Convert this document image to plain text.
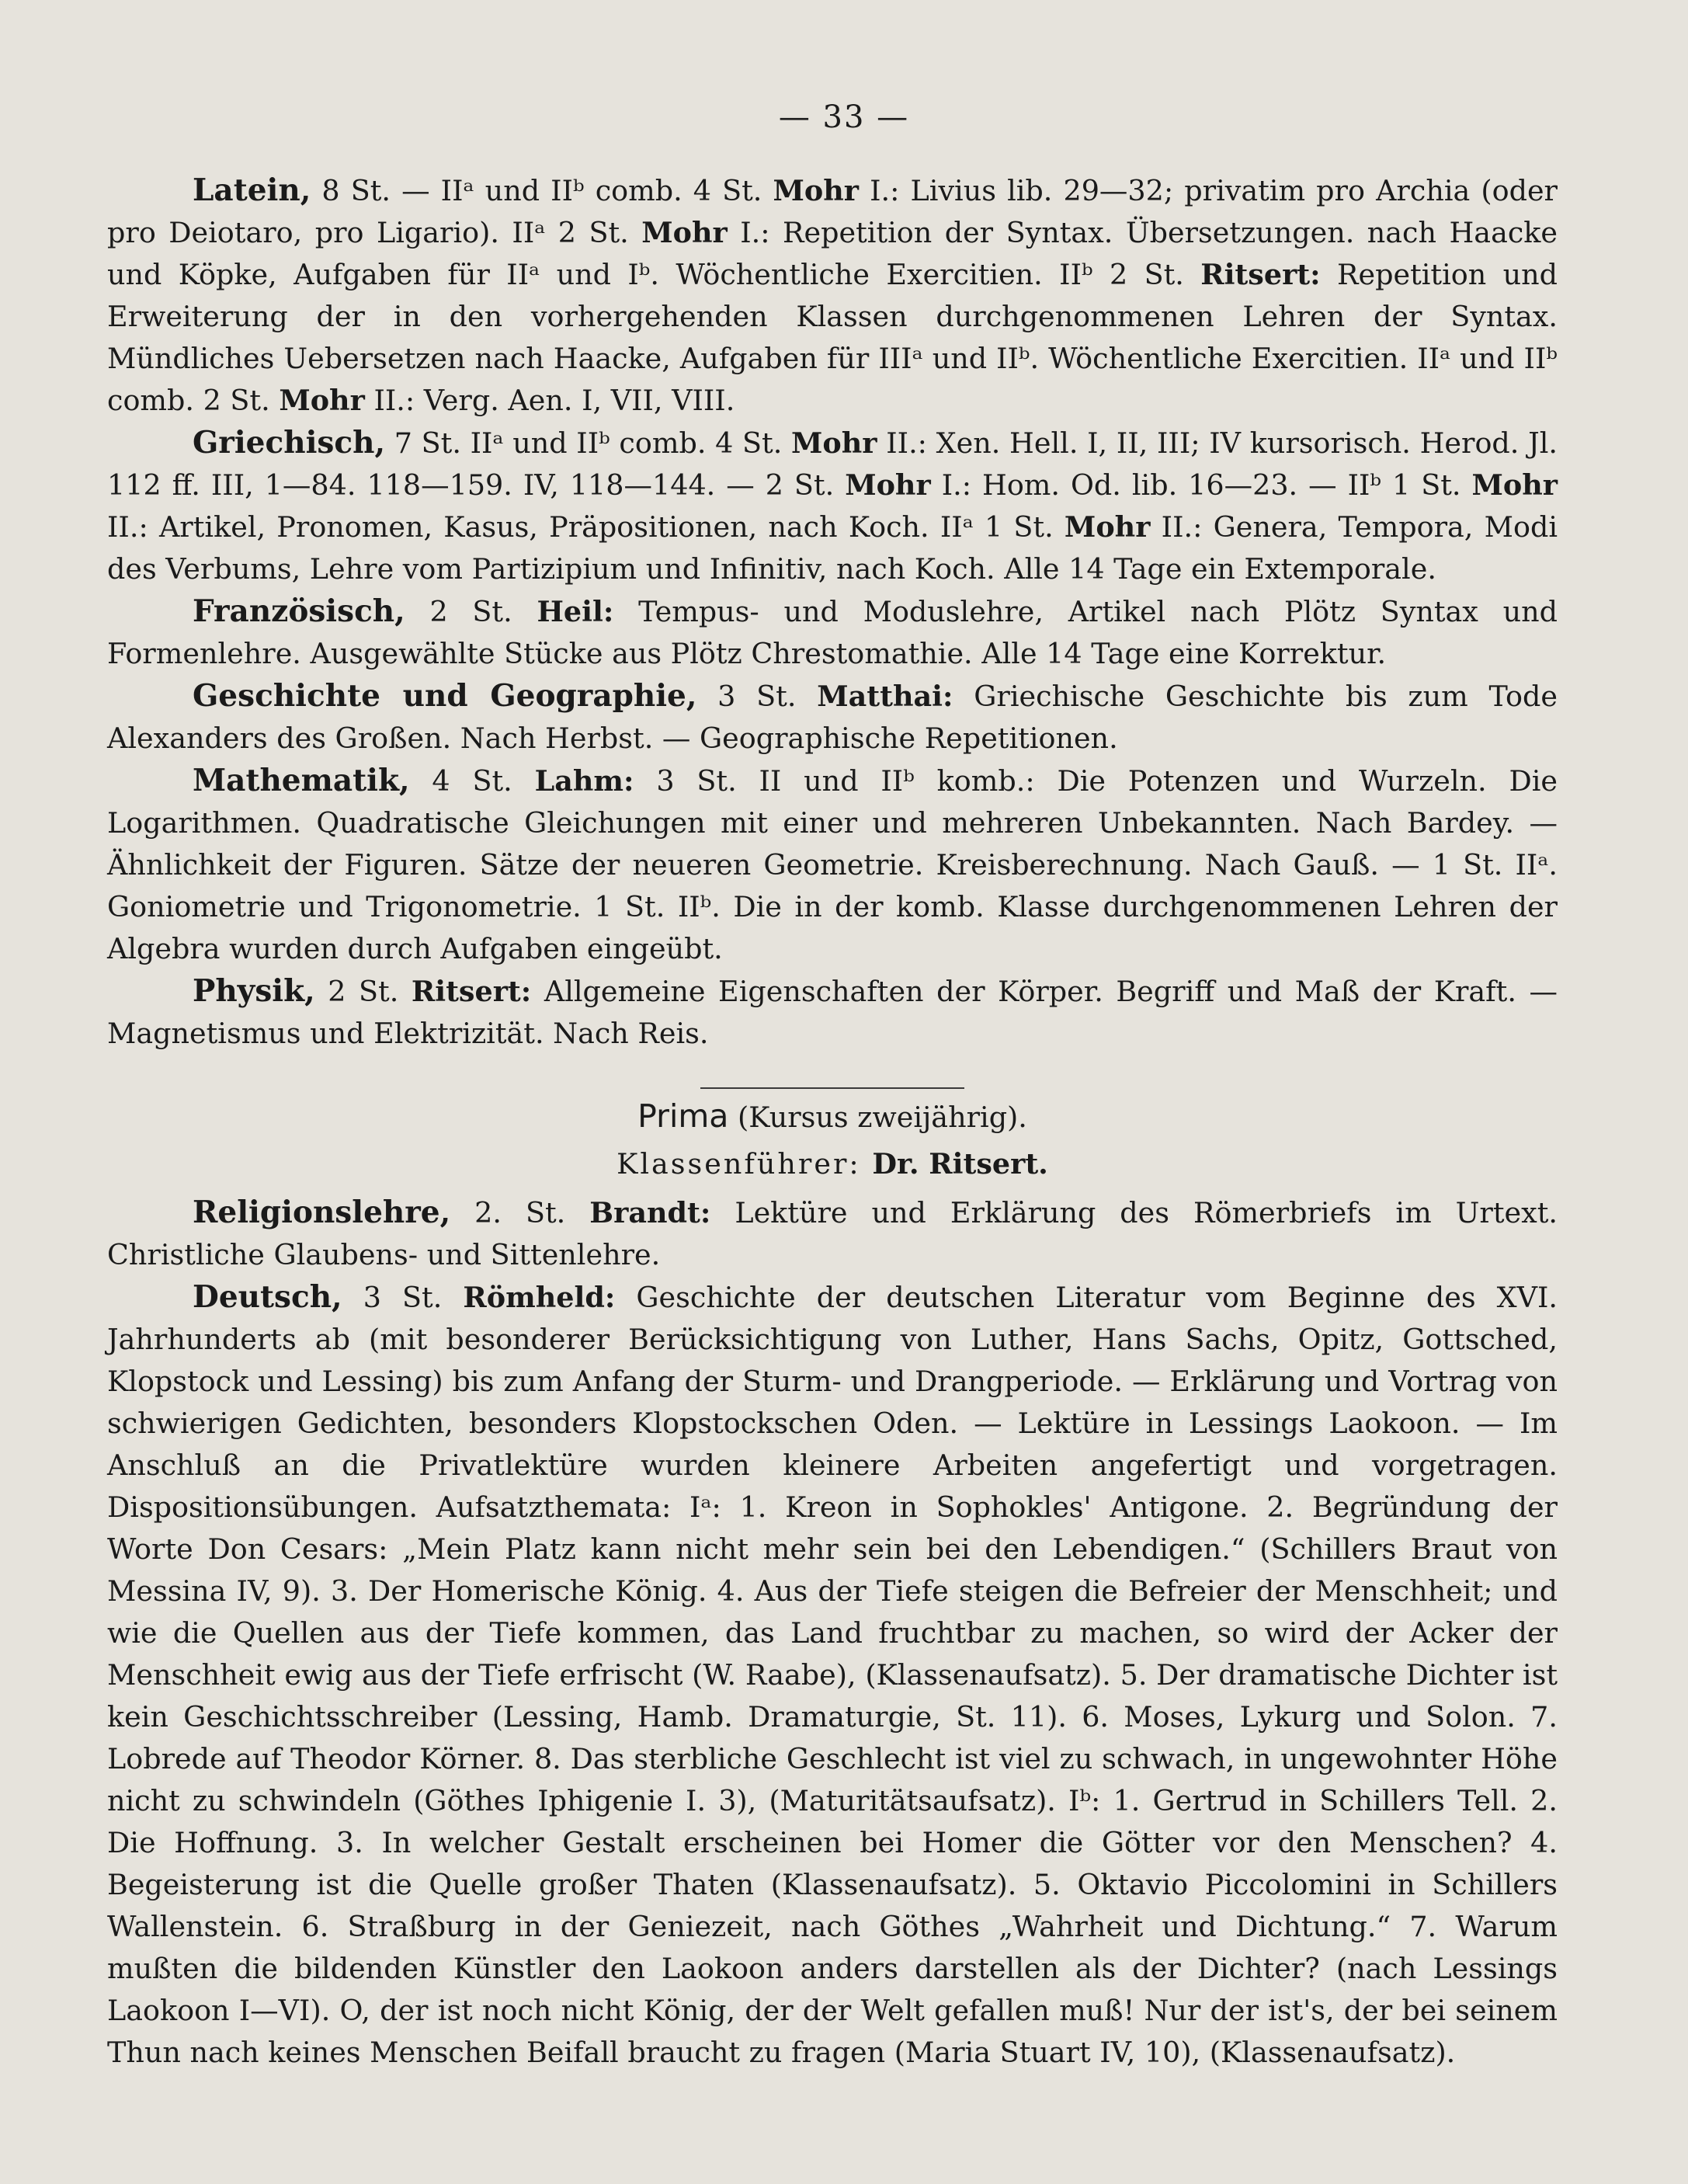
— 33 —

Latein, 8 St. — IIᵃ und IIᵇ comb. 4 St. Mohr I.: Livius lib. 29—32; privatim pro Archia (oder pro Deiotaro, pro Ligario). IIᵃ 2 St. Mohr I.: Repetition der Syntax. Übersetzungen. nach Haacke und Köpke, Aufgaben für IIᵃ und Iᵇ. Wöchentliche Exercitien. IIᵇ 2 St. Ritsert: Repetition und Erweiterung der in den vorhergehenden Klassen durchgenommenen Lehren der Syntax. Mündliches Uebersetzen nach Haacke, Aufgaben für IIIᵃ und IIᵇ. Wöchentliche Exercitien. IIᵃ und IIᵇ comb. 2 St. Mohr II.: Verg. Aen. I, VII, VIII.

Griechisch, 7 St. IIᵃ und IIᵇ comb. 4 St. Mohr II.: Xen. Hell. I, II, III; IV kursorisch. Herod. Jl. 112 ff. III, 1—84. 118—159. IV, 118—144. — 2 St. Mohr I.: Hom. Od. lib. 16—23. — IIᵇ 1 St. Mohr II.: Artikel, Pronomen, Kasus, Präpositionen, nach Koch. IIᵃ 1 St. Mohr II.: Genera, Tempora, Modi des Verbums, Lehre vom Partizipium und Infinitiv, nach Koch. Alle 14 Tage ein Extemporale.

Französisch, 2 St. Heil: Tempus- und Moduslehre, Artikel nach Plötz Syntax und Formenlehre. Ausgewählte Stücke aus Plötz Chrestomathie. Alle 14 Tage eine Korrektur.

Geschichte und Geographie, 3 St. Matthai: Griechische Geschichte bis zum Tode Alexanders des Großen. Nach Herbst. — Geographische Repetitionen.

Mathematik, 4 St. Lahm: 3 St. II und IIᵇ komb.: Die Potenzen und Wurzeln. Die Logarithmen. Quadratische Gleichungen mit einer und mehreren Unbekannten. Nach Bardey. — Ähnlichkeit der Figuren. Sätze der neueren Geometrie. Kreisberechnung. Nach Gauß. — 1 St. IIᵃ. Goniometrie und Trigonometrie. 1 St. IIᵇ. Die in der komb. Klasse durchgenommenen Lehren der Algebra wurden durch Aufgaben eingeübt.

Physik, 2 St. Ritsert: Allgemeine Eigenschaften der Körper. Begriff und Maß der Kraft. — Magnetismus und Elektrizität. Nach Reis.

Prima (Kursus zweijährig).

Klassenführer: Dr. Ritsert.

Religionslehre, 2. St. Brandt: Lektüre und Erklärung des Römerbriefs im Urtext. Christliche Glaubens- und Sittenlehre.

Deutsch, 3 St. Römheld: Geschichte der deutschen Literatur vom Beginne des XVI. Jahrhunderts ab (mit besonderer Berücksichtigung von Luther, Hans Sachs, Opitz, Gottsched, Klopstock und Lessing) bis zum Anfang der Sturm- und Drangperiode. — Erklärung und Vortrag von schwierigen Gedichten, besonders Klopstockschen Oden. — Lektüre in Lessings Laokoon. — Im Anschluß an die Privatlektüre wurden kleinere Arbeiten angefertigt und vorgetragen. Dispositionsübungen. Aufsatzthemata: Iᵃ: 1. Kreon in Sophokles' Antigone. 2. Begründung der Worte Don Cesars: „Mein Platz kann nicht mehr sein bei den Lebendigen.“ (Schillers Braut von Messina IV, 9). 3. Der Homerische König. 4. Aus der Tiefe steigen die Befreier der Menschheit; und wie die Quellen aus der Tiefe kommen, das Land fruchtbar zu machen, so wird der Acker der Menschheit ewig aus der Tiefe erfrischt (W. Raabe), (Klassenaufsatz). 5. Der dramatische Dichter ist kein Geschichtsschreiber (Lessing, Hamb. Dramaturgie, St. 11). 6. Moses, Lykurg und Solon. 7. Lobrede auf Theodor Körner. 8. Das sterbliche Geschlecht ist viel zu schwach, in ungewohnter Höhe nicht zu schwindeln (Göthes Iphigenie I. 3), (Maturitätsaufsatz). Iᵇ: 1. Gertrud in Schillers Tell. 2. Die Hoffnung. 3. In welcher Gestalt erscheinen bei Homer die Götter vor den Menschen? 4. Begeisterung ist die Quelle großer Thaten (Klassenaufsatz). 5. Oktavio Piccolomini in Schillers Wallenstein. 6. Straßburg in der Geniezeit, nach Göthes „Wahrheit und Dichtung.“ 7. Warum mußten die bildenden Künstler den Laokoon anders darstellen als der Dichter? (nach Lessings Laokoon I—VI). O, der ist noch nicht König, der der Welt gefallen muß! Nur der ist's, der bei seinem Thun nach keines Menschen Beifall braucht zu fragen (Maria Stuart IV, 10), (Klassenaufsatz).
